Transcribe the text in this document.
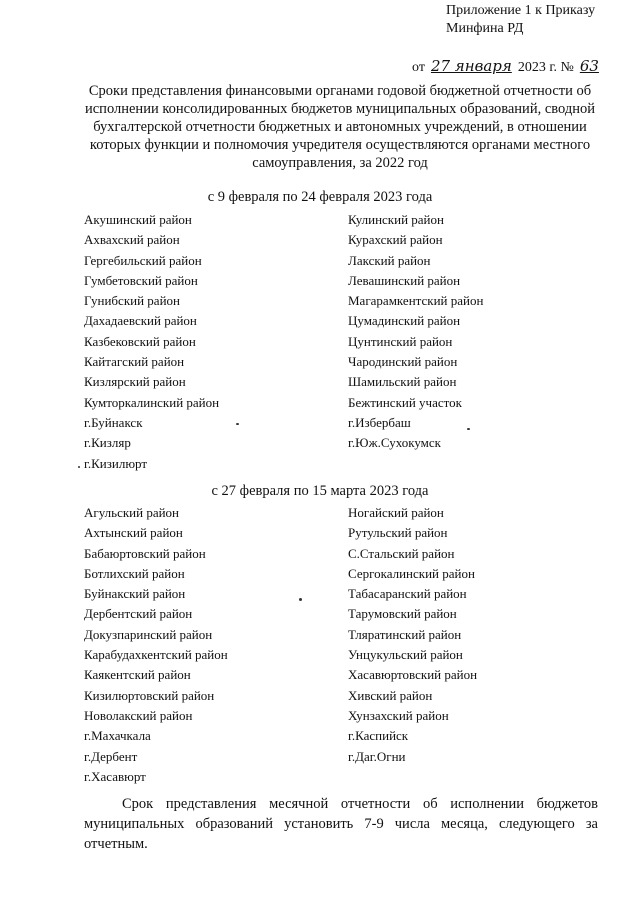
Приложение 1 к Приказу
Минфина РД
от 27 января 2023 г. № 63
Сроки представления финансовыми органами годовой бюджетной отчетности об исполнении консолидированных бюджетов муниципальных образований, сводной бухгалтерской отчетности бюджетных и автономных учреждений, в отношении которых функции и полномочия учредителя осуществляются органами местного самоуправления, за 2022 год
с 9 февраля по 24 февраля 2023 года
Акушинский район
Ахвахский район
Гергебильский район
Гумбетовский район
Гунибский район
Дахадаевский район
Казбековский район
Кайтагский район
Кизлярский район
Кумторкалинский район
г.Буйнакск
г.Кизляр
г.Кизилюрт
Кулинский район
Курахский район
Лакский район
Левашинский район
Магарамкентский район
Цумадинский район
Цунтинский район
Чародинский район
Шамильский район
Бежтинский участок
г.Избербаш
г.Юж.Сухокумск
с 27 февраля по 15 марта 2023 года
Агульский район
Ахтынский район
Бабаюртовский район
Ботлихский район
Буйнакский район
Дербентский район
Докузпаринский район
Карабудахкентский район
Каякентский район
Кизилюртовский район
Новолакский район
г.Махачкала
г.Дербент
г.Хасавюрт
Ногайский район
Рутульский район
С.Стальский район
Сергокалинский район
Табасаранский район
Тарумовский район
Тляратинский район
Унцукульский район
Хасавюртовский район
Хивский район
Хунзахский район
г.Каспийск
г.Даг.Огни
Срок представления месячной отчетности об исполнении бюджетов муниципальных образований установить 7-9 числа месяца, следующего за отчетным.
